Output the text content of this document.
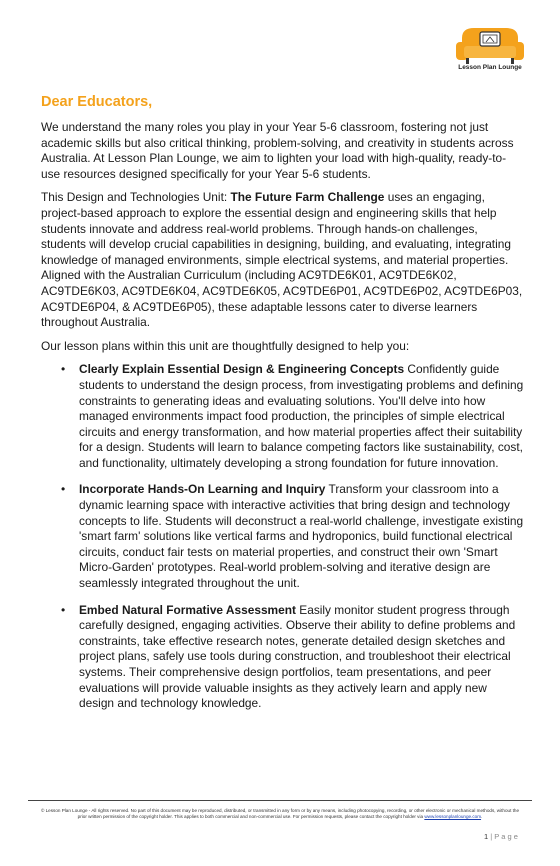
Lesson Plan Lounge
Dear Educators,

We understand the many roles you play in your Year 5-6 classroom, fostering not just academic skills but also critical thinking, problem-solving, and creativity in students across Australia. At Lesson Plan Lounge, we aim to lighten your load with high-quality, ready-to-use resources designed specifically for your Year 5-6 students.

This Design and Technologies Unit: The Future Farm Challenge uses an engaging, project-based approach to explore the essential design and engineering skills that help students innovate and address real-world problems. Through hands-on challenges, students will develop crucial capabilities in designing, building, and evaluating, integrating knowledge of managed environments, simple electrical systems, and material properties. Aligned with the Australian Curriculum (including AC9TDE6K01, AC9TDE6K02, AC9TDE6K03, AC9TDE6K04, AC9TDE6K05, AC9TDE6P01, AC9TDE6P02, AC9TDE6P03, AC9TDE6P04, & AC9TDE6P05), these adaptable lessons cater to diverse learners throughout Australia.

Our lesson plans within this unit are thoughtfully designed to help you:

• Clearly Explain Essential Design & Engineering Concepts Confidently guide students to understand the design process, from investigating problems and defining constraints to generating ideas and evaluating solutions. You'll delve into how managed environments impact food production, the principles of simple electrical circuits and energy transformation, and how material properties affect their suitability for a design. Students will learn to balance competing factors like sustainability, cost, and functionality, ultimately developing a strong foundation for future innovation.
• Incorporate Hands-On Learning and Inquiry Transform your classroom into a dynamic learning space with interactive activities that bring design and technology concepts to life. Students will deconstruct a real-world challenge, investigate existing 'smart farm' solutions like vertical farms and hydroponics, build functional electrical circuits, conduct fair tests on material properties, and construct their own 'Smart Micro-Garden' prototypes. Real-world problem-solving and iterative design are seamlessly integrated throughout the unit.
• Embed Natural Formative Assessment Easily monitor student progress through carefully designed, engaging activities. Observe their ability to define problems and constraints, take effective research notes, generate detailed design sketches and project plans, safely use tools during construction, and troubleshoot their electrical systems. Their comprehensive design portfolios, team presentations, and peer evaluations will provide valuable insights as they actively learn and apply new design and technology knowledge.
© Lesson Plan Lounge - All rights reserved. No part of this document may be reproduced, distributed, or transmitted in any form or by any means, including photocopying, recording, or other electronic or mechanical methods, without the prior written permission of the copyright holder. This applies to both commercial and non-commercial use. For permission requests, please contact the copyright holder via www.lessonplanlounge.com.
1 | P a g e
